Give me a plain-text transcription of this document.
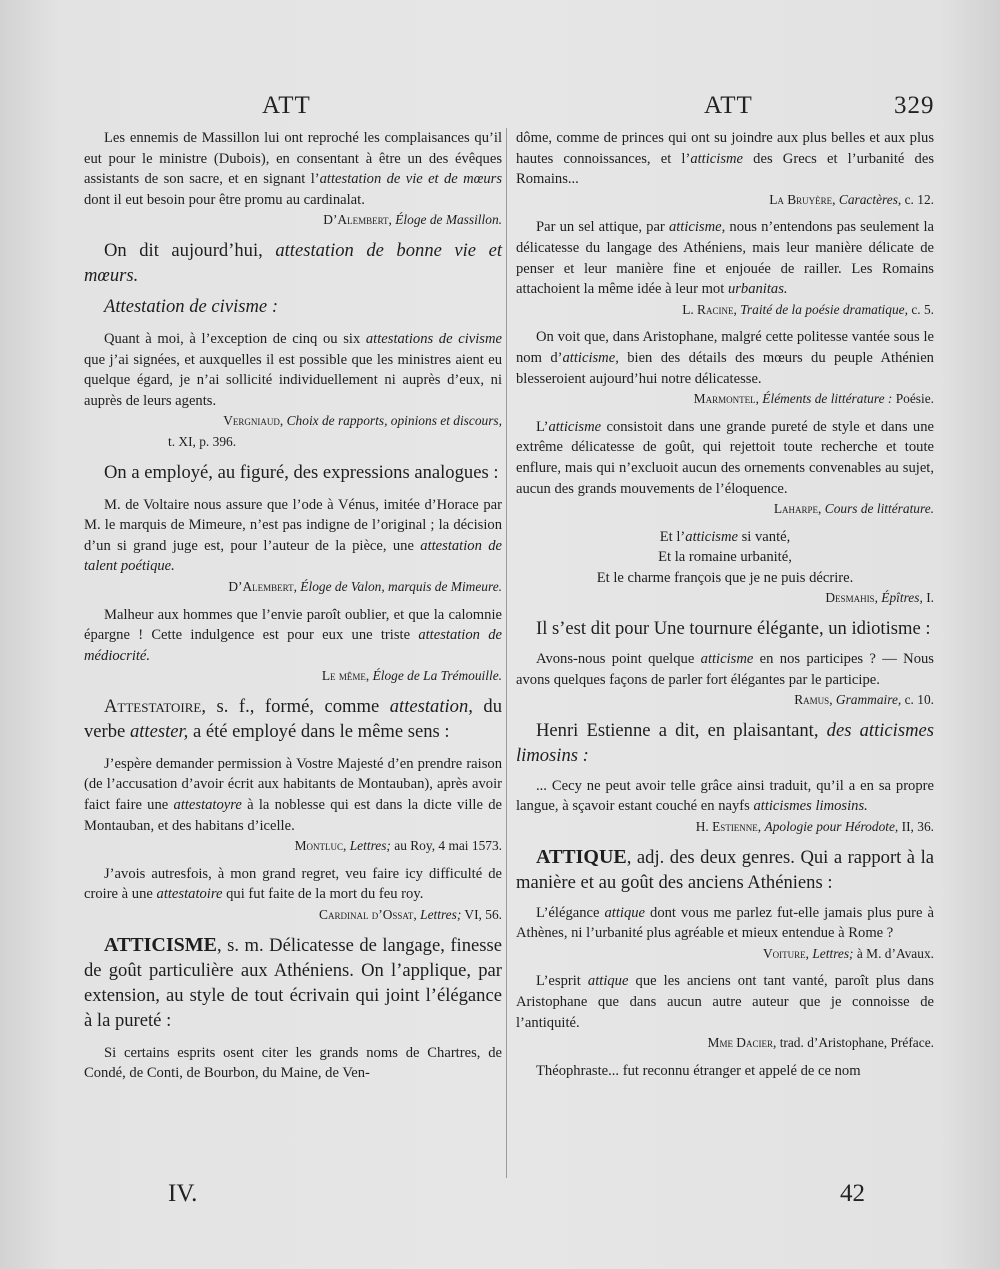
ATT	ATT	329

Les ennemis de Massillon lui ont reproché les complaisances qu’il eut pour le ministre (Dubois), en consentant à être un des évêques assistants de son sacre, et en signant l’attestation de vie et de mœurs dont il eut besoin pour être promu au cardinalat.

D’Alembert, Éloge de Massillon.

On dit aujourd’hui, attestation de bonne vie et mœurs.

Attestation de civisme :

Quant à moi, à l’exception de cinq ou six attestations de civisme que j’ai signées, et auxquelles il est possible que les ministres aient eu quelque égard, je n’ai sollicité individuellement ni auprès d’eux, ni auprès de leurs agents.

Vergniaud, Choix de rapports, opinions et discours,

t. XI, p. 396.

On a employé, au figuré, des expressions analogues :

M. de Voltaire nous assure que l’ode à Vénus, imitée d’Horace par M. le marquis de Mimeure, n’est pas indigne de l’original ; la décision d’un si grand juge est, pour l’auteur de la pièce, une attestation de talent poétique.

D’Alembert, Éloge de Valon, marquis de Mimeure.

Malheur aux hommes que l’envie paroît oublier, et que la calomnie épargne ! Cette indulgence est pour eux une triste attestation de médiocrité.

Le même, Éloge de La Trémouille.

Attestatoire, s. f., formé, comme attestation, du verbe attester, a été employé dans le même sens :

J’espère demander permission à Vostre Majesté d’en prendre raison (de l’accusation d’avoir écrit aux habitants de Montauban), après avoir faict faire une attestatoyre à la noblesse qui est dans la dicte ville de Montauban, et des habitans d’icelle.

Montluc, Lettres; au Roy, 4 mai 1573.

J’avois autresfois, à mon grand regret, veu faire icy difficulté de croire à une attestatoire qui fut faite de la mort du feu roy.

Cardinal d’Ossat, Lettres; VI, 56.

ATTICISME, s. m. Délicatesse de langage, finesse de goût particulière aux Athéniens. On l’applique, par extension, au style de tout écrivain qui joint l’élégance à la pureté :

Si certains esprits osent citer les grands noms de Chartres, de Condé, de Conti, de Bourbon, du Maine, de Ven-

dôme, comme de princes qui ont su joindre aux plus belles et aux plus hautes connoissances, et l’atticisme des Grecs et l’urbanité des Romains...

La Bruyère, Caractères, c. 12.

Par un sel attique, par atticisme, nous n’entendons pas seulement la délicatesse du langage des Athéniens, mais leur manière délicate de penser et leur manière fine et enjouée de railler. Les Romains attachoient la même idée à leur mot urbanitas.

L. Racine, Traité de la poésie dramatique, c. 5.

On voit que, dans Aristophane, malgré cette politesse vantée sous le nom d’atticisme, bien des détails des mœurs du peuple Athénien blesseroient aujourd’hui notre délicatesse.

Marmontel, Éléments de littérature : Poésie.

L’atticisme consistoit dans une grande pureté de style et dans une extrême délicatesse de goût, qui rejettoit toute recherche et toute enflure, mais qui n’excluoit aucun des ornements convenables au sujet, aucun des grands mouvements de l’éloquence.

Laharpe, Cours de littérature.

Et l’atticisme si vanté,

Et la romaine urbanité,

Et le charme françois que je ne puis décrire.

Desmahis, Épîtres, I.

Il s’est dit pour Une tournure élégante, un idiotisme :

Avons-nous point quelque atticisme en nos participes ? — Nous avons quelques façons de parler fort élégantes par le participe.

Ramus, Grammaire, c. 10.

Henri Estienne a dit, en plaisantant, des atticismes limosins :

... Cecy ne peut avoir telle grâce ainsi traduit, qu’il a en sa propre langue, à sçavoir estant couché en nayfs atticismes limosins.

H. Estienne, Apologie pour Hérodote, II, 36.

ATTIQUE, adj. des deux genres. Qui a rapport à la manière et au goût des anciens Athéniens :

L’élégance attique dont vous me parlez fut-elle jamais plus pure à Athènes, ni l’urbanité plus agréable et mieux entendue à Rome ?

Voiture, Lettres; à M. d’Avaux.

L’esprit attique que les anciens ont tant vanté, paroît plus dans Aristophane que dans aucun autre auteur que je connoisse de l’antiquité.

Mme Dacier, trad. d’Aristophane, Préface.

Théophraste... fut reconnu étranger et appelé de ce nom

IV.	42
